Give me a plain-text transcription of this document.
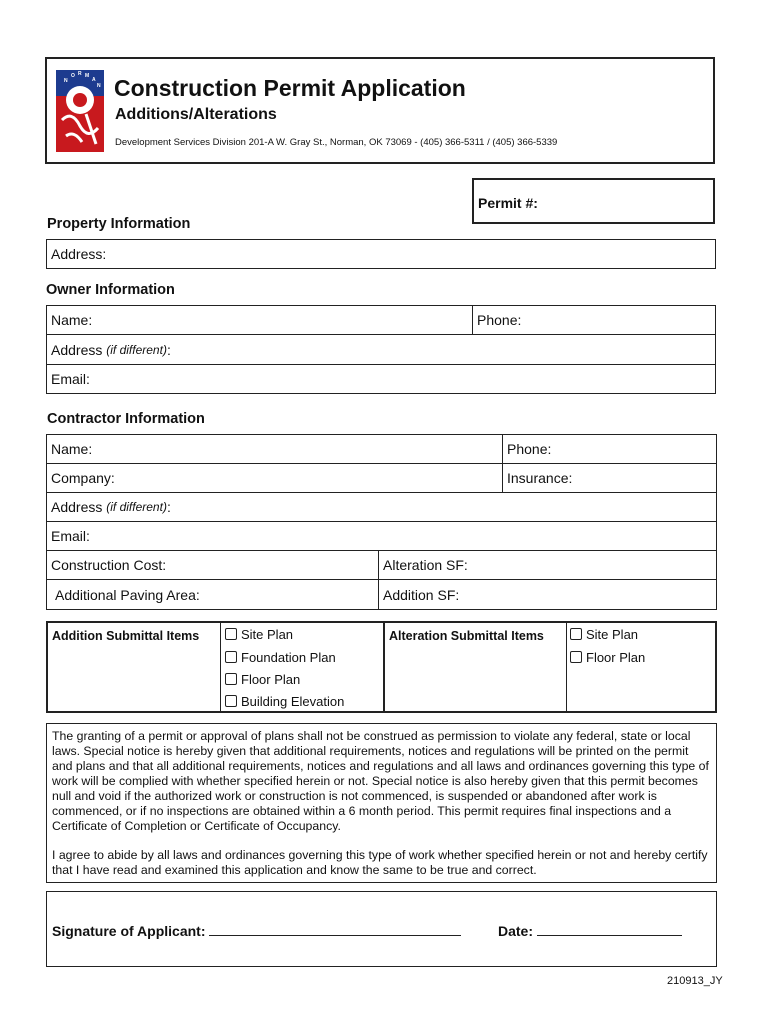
N
O R M
A
N Construction Permit Application
Additions/Alterations
Development Services Division 201-A W. Gray St., Norman, OK 73069 - (405) 366-5311 / (405) 366-5339
Permit #:
Property Information
Address:
Owner Information
Name:	Phone:
Address
(if different) :
Email:
Contractor Information
Name:	Phone:
Company:	Insurance:
Address
(if different) :
Email:
Construction Cost:	Alteration SF:
Additional Paving Area:	Addition SF:
Addition Submittal Items	Site Plan
Foundation Plan
Floor Plan
Building Elevation
Alteration Submittal Items	Site Plan
Floor Plan
The granting of a permit or approval of plans shall not be construed as permission to violate any federal, state or local laws. Special notice is hereby given that additional requirements, notices and regulations will be printed on the permit and plans and that all additional requirements, notices and regulations and all laws and ordinances governing this type of work will be complied with whether specified herein or not. Special notice is also hereby given that this permit becomes null and void if the authorized work or construction is not commenced, is suspended or abandoned after work is commenced, or if no inspections are obtained within a 6 month period. This permit requires final inspections and a Certificate of Completion or Certificate of Occupancy.
I agree to abide by all laws and ordinances governing this type of work whether specified herein or not and hereby certify that I have read and examined this application and know the same to be true and correct.
Signature of Applicant:	Date:
210913_JY
